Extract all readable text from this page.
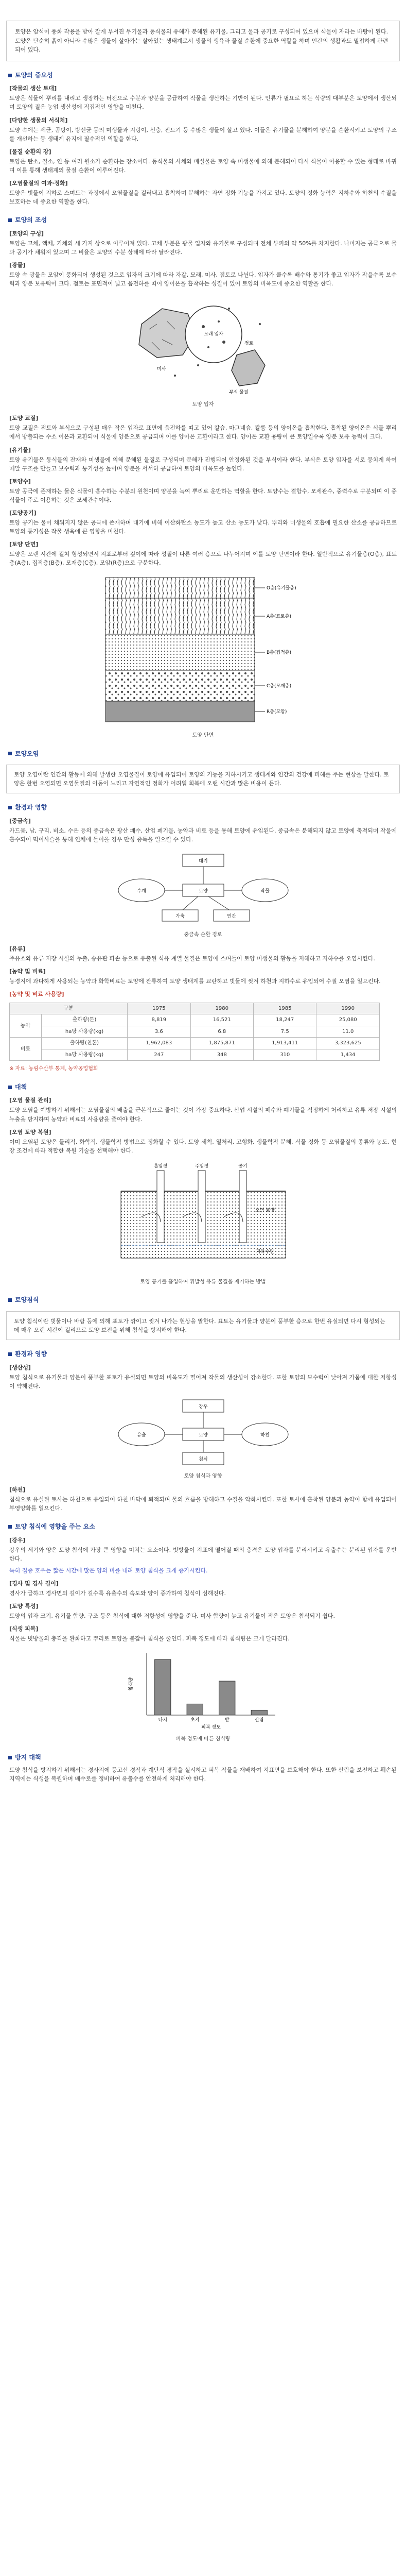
토양은 암석이 풍화 작용을 받아 잘게 부서진 무기물과 동식물의 유해가 분해된 유기물, 그리고 물과 공기로 구성되어 있으며 식물이 자라는 바탕이 된다. 토양은 단순히 흙이 아니라 수많은 생물이 살아가는 살아있는 생태계로서 생물의 생육과 물질 순환에 중요한 역할을 하며 인간의 생활과도 밀접하게 관련되어 있다.
토양의 중요성
[작물의 생산 토대]
토양은 식물이 뿌리를 내리고 생장하는 터전으로 수분과 양분을 공급하여 작물을 생산하는 기반이 된다. 인류가 필요로 하는 식량의 대부분은 토양에서 생산되며 토양의 질은 농업 생산성에 직접적인 영향을 미친다.
[다양한 생물의 서식처]
토양 속에는 세균, 곰팡이, 방선균 등의 미생물과 지렁이, 선충, 진드기 등 수많은 생물이 살고 있다. 이들은 유기물을 분해하여 양분을 순환시키고 토양의 구조를 개선하는 등 생태계 유지에 필수적인 역할을 한다.
[물질 순환의 장]
토양은 탄소, 질소, 인 등 여러 원소가 순환하는 장소이다. 동식물의 사체와 배설물은 토양 속 미생물에 의해 분해되어 다시 식물이 이용할 수 있는 형태로 바뀌며 이를 통해 생태계의 물질 순환이 이루어진다.
[오염물질의 여과·정화]
토양은 빗물이 지하로 스며드는 과정에서 오염물질을 걸러내고 흡착하며 분해하는 자연 정화 기능을 가지고 있다. 토양의 정화 능력은 지하수와 하천의 수질을 보호하는 데 중요한 역할을 한다.
토양의 조성
[토양의 구성]
토양은 고체, 액체, 기체의 세 가지 상으로 이루어져 있다. 고체 부분은 광물 입자와 유기물로 구성되며 전체 부피의 약 50%를 차지한다. 나머지는 공극으로 물과 공기가 채워져 있으며 그 비율은 토양의 수분 상태에 따라 달라진다.
[광물]
토양 속 광물은 모암이 풍화되어 생성된 것으로 입자의 크기에 따라 자갈, 모래, 미사, 점토로 나뉜다. 입자가 클수록 배수와 통기가 좋고 입자가 작을수록 보수력과 양분 보유력이 크다. 점토는 표면적이 넓고 음전하를 띠어 양이온을 흡착하는 성질이 있어 토양의 비옥도에 중요한 역할을 한다.
모래 입자
미사
점토
부식 물질
토양 입자
[토양 교질]
토양 교질은 점토와 부식으로 구성된 매우 작은 입자로 표면에 음전하를 띠고 있어 칼슘, 마그네슘, 칼륨 등의 양이온을 흡착한다. 흡착된 양이온은 식물 뿌리에서 방출되는 수소 이온과 교환되어 식물에 양분으로 공급되며 이를 양이온 교환이라고 한다. 양이온 교환 용량이 큰 토양일수록 양분 보유 능력이 크다.
[유기물]
토양 유기물은 동식물의 잔재와 미생물에 의해 분해된 물질로 구성되며 분해가 진행되어 안정화된 것을 부식이라 한다. 부식은 토양 입자를 서로 뭉치게 하여 떼알 구조를 만들고 보수력과 통기성을 높이며 양분을 서서히 공급하여 토양의 비옥도를 높인다.
[토양수]
토양 공극에 존재하는 물은 식물이 흡수하는 수분의 원천이며 양분을 녹여 뿌리로 운반하는 역할을 한다. 토양수는 결합수, 모세관수, 중력수로 구분되며 이 중 식물이 주로 이용하는 것은 모세관수이다.
[토양공기]
토양 공기는 물이 채워지지 않은 공극에 존재하며 대기에 비해 이산화탄소 농도가 높고 산소 농도가 낮다. 뿌리와 미생물의 호흡에 필요한 산소를 공급하므로 토양의 통기성은 작물 생육에 큰 영향을 미친다.
[토양 단면]
토양은 오랜 시간에 걸쳐 형성되면서 지표로부터 깊이에 따라 성질이 다른 여러 층으로 나누어지며 이를 토양 단면이라 한다. 일반적으로 유기물층(O층), 표토층(A층), 집적층(B층), 모재층(C층), 모암(R층)으로 구분한다.
O층(유기물층)
A층(표토층)
B층(집적층)
C층(모재층)
R층(모암)
토양 단면
토양오염
토양 오염이란 인간의 활동에 의해 발생한 오염물질이 토양에 유입되어 토양의 기능을 저하시키고 생태계와 인간의 건강에 피해를 주는 현상을 말한다. 토양은 한번 오염되면 오염물질의 이동이 느리고 자연적인 정화가 어려워 회복에 오랜 시간과 많은 비용이 든다.
환경과 영향
[중금속]
카드뮴, 납, 구리, 비소, 수은 등의 중금속은 광산 폐수, 산업 폐기물, 농약과 비료 등을 통해 토양에 유입된다. 중금속은 분해되지 않고 토양에 축적되며 작물에 흡수되어 먹이사슬을 통해 인체에 들어올 경우 만성 중독을 일으킬 수 있다.
대기
수계	토양	작물
가축	인간
중금속 순환 경로
[유류]
주유소와 유류 저장 시설의 누출, 송유관 파손 등으로 유출된 석유 계열 물질은 토양에 스며들어 토양 미생물의 활동을 저해하고 지하수를 오염시킨다.
[농약 및 비료]
농경지에 과다하게 사용되는 농약과 화학비료는 토양에 잔류하여 토양 생태계를 교란하고 빗물에 씻겨 하천과 지하수로 유입되어 수질 오염을 일으킨다.
[농약 및 비료 사용량]
구분		1975	1980	1985	1990
농약	출하량(톤)	8,819	16,521	18,247	25,080
	ha당 사용량(kg)	3.6	6.8	7.5	11.0
비료	출하량(천톤)	1,962,083	1,875,871	1,913,411	3,323,625
	ha당 사용량(kg)	247	348	310	1,434
※ 자료: 농림수산부 통계, 농약공업협회
대책
[오염 물질 관리]
토양 오염을 예방하기 위해서는 오염물질의 배출을 근본적으로 줄이는 것이 가장 중요하다. 산업 시설의 폐수와 폐기물을 적정하게 처리하고 유류 저장 시설의 누출을 방지하며 농약과 비료의 사용량을 줄여야 한다.
[오염 토양 복원]
이미 오염된 토양은 물리적, 화학적, 생물학적 방법으로 정화할 수 있다. 토양 세척, 열처리, 고형화, 생물학적 분해, 식물 정화 등 오염물질의 종류와 농도, 현장 조건에 따라 적합한 복원 기술을 선택해야 한다.
흡입정	주입정	공기
오염 토양
지하수면
토양 공기를 흡입하여 휘발성 유류 물질을 제거하는 방법
토양침식
토양 침식이란 빗물이나 바람 등에 의해 표토가 깎이고 씻겨 나가는 현상을 말한다. 표토는 유기물과 양분이 풍부한 층으로 한번 유실되면 다시 형성되는 데 매우 오랜 시간이 걸리므로 토양 보전을 위해 침식을 방지해야 한다.
환경과 영향
[생산성]
토양 침식으로 유기물과 양분이 풍부한 표토가 유실되면 토양의 비옥도가 떨어져 작물의 생산성이 감소한다. 또한 토양의 보수력이 낮아져 가뭄에 대한 저항성이 약해진다.
강우
유출	토양	하천
침식
토양 침식과 영향
[하천]
침식으로 유실된 토사는 하천으로 유입되어 하천 바닥에 퇴적되며 물의 흐름을 방해하고 수질을 악화시킨다. 또한 토사에 흡착된 양분과 농약이 함께 유입되어 부영양화를 일으킨다.
토양 침식에 영향을 주는 요소
[강우]
강우의 세기와 양은 토양 침식에 가장 큰 영향을 미치는 요소이다. 빗방울이 지표에 떨어질 때의 충격은 토양 입자를 분리시키고 유출수는 분리된 입자를 운반한다.
특히 집중 호우는 짧은 시간에 많은 양의 비를 내려 토양 침식을 크게 증가시킨다.
[경사 및 경사 길이]
경사가 급하고 경사면의 길이가 길수록 유출수의 속도와 양이 증가하여 침식이 심해진다.
[토양 특성]
토양의 입자 크기, 유기물 함량, 구조 등은 침식에 대한 저항성에 영향을 준다. 미사 함량이 높고 유기물이 적은 토양은 침식되기 쉽다.
[식생 피복]
식물은 빗방울의 충격을 완화하고 뿌리로 토양을 붙잡아 침식을 줄인다. 피복 정도에 따라 침식량은 크게 달라진다.
침식량
피복 정도
나지	초지	밭	산림
피복 정도에 따른 침식량
방지 대책
토양 침식을 방지하기 위해서는 경사지에 등고선 경작과 계단식 경작을 실시하고 피복 작물을 재배하여 지표면을 보호해야 한다. 또한 산림을 보전하고 훼손된 지역에는 식생을 복원하며 배수로를 정비하여 유출수를 안전하게 처리해야 한다.
